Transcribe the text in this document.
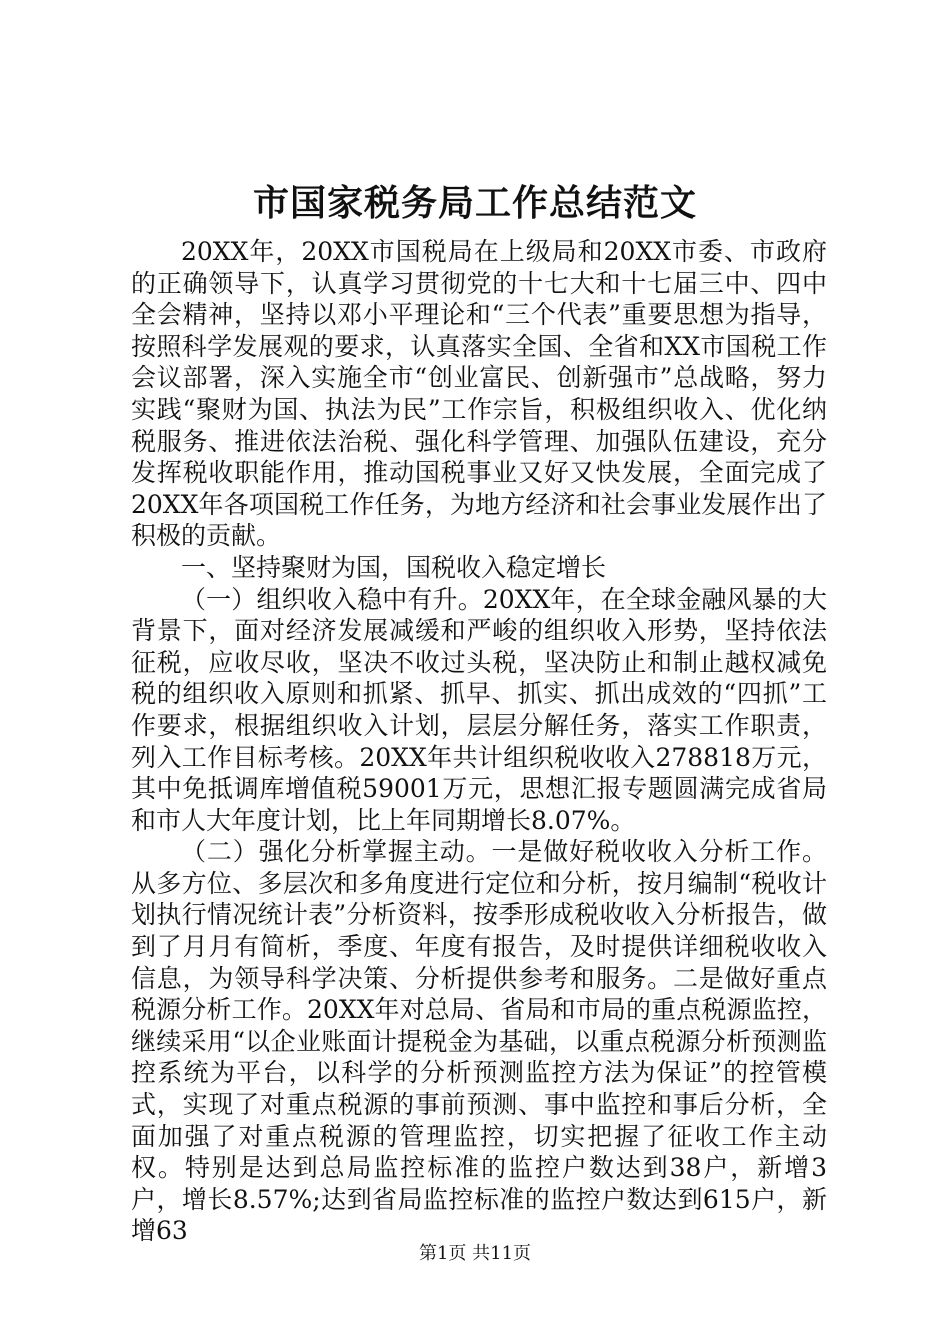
市国家税务局工作总结范文

20XX年，20XX市国税局在上级局和20XX市委、市政府的正确领导下，认真学习贯彻党的十七大和十七届三中、四中全会精神，坚持以邓小平理论和“三个代表”重要思想为指导，按照科学发展观的要求，认真落实全国、全省和XX市国税工作会议部署，深入实施全市“创业富民、创新强市”总战略，努力实践“聚财为国、执法为民”工作宗旨，积极组织收入、优化纳税服务、推进依法治税、强化科学管理、加强队伍建设，充分发挥税收职能作用，推动国税事业又好又快发展，全面完成了20XX年各项国税工作任务，为地方经济和社会事业发展作出了积极的贡献。

一、坚持聚财为国，国税收入稳定增长

（一）组织收入稳中有升。20XX年，在全球金融风暴的大背景下，面对经济发展减缓和严峻的组织收入形势，坚持依法征税，应收尽收，坚决不收过头税，坚决防止和制止越权减免税的组织收入原则和抓紧、抓早、抓实、抓出成效的“四抓”工作要求，根据组织收入计划，层层分解任务，落实工作职责，列入工作目标考核。20XX年共计组织税收收入278818万元，其中免抵调库增值税59001万元，思想汇报专题圆满完成省局和市人大年度计划，比上年同期增长8.07%。

（二）强化分析掌握主动。一是做好税收收入分析工作。从多方位、多层次和多角度进行定位和分析，按月编制“税收计划执行情况统计表”分析资料，按季形成税收收入分析报告，做到了月月有简析，季度、年度有报告，及时提供详细税收收入信息，为领导科学决策、分析提供参考和服务。二是做好重点税源分析工作。20XX年对总局、省局和市局的重点税源监控，继续采用“以企业账面计提税金为基础，以重点税源分析预测监控系统为平台，以科学的分析预测监控方法为保证”的控管模式，实现了对重点税源的事前预测、事中监控和事后分析，全面加强了对重点税源的管理监控，切实把握了征收工作主动权。特别是达到总局监控标准的监控户数达到38户，新增3户，增长8.57%;达到省局监控标准的监控户数达到615户，新增63

第1页 共11页
